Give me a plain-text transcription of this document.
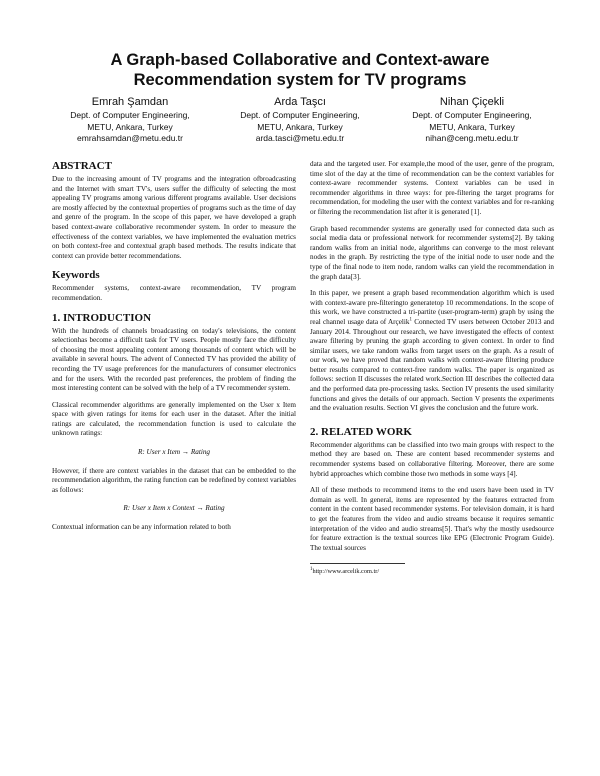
A Graph-based Collaborative and Context-aware
Recommendation system for TV programs
Emrah Şamdan
Dept. of Computer Engineering,
METU, Ankara, Turkey
emrahsamdan@metu.edu.tr
Arda Taşcı
Dept. of Computer Engineering,
METU, Ankara, Turkey
arda.tasci@metu.edu.tr
Nihan Çiçekli
Dept. of Computer Engineering,
METU, Ankara, Turkey
nihan@ceng.metu.edu.tr
ABSTRACT

Due to the increasing amount of TV programs and the integration ofbroadcasting and the Internet with smart TV's, users suffer the difficulty of selecting the most appealing TV programs among various different programs available. User decisions are mostly affected by the contextual properties of programs such as the time of day and genre of the program. In the scope of this paper, we have developed a graph based context-aware collaborative recommender system. In order to measure the effectiveness of the context variables, we have implemented the evaluation metrics on both context-free and contextual graph based methods. The results indicate that context can provide better recommendations.

Keywords

Recommender systems, context-aware recommendation, TV program recommendation.

1. INTRODUCTION

With the hundreds of channels broadcasting on today's televisions, the content selectionhas become a difficult task for TV users. People mostly face the difficulty of choosing the most appealing content among thousands of content which will be available in several hours. The advent of Connected TV has provided the ability of recording the TV usage preferences for the manufacturers of consumer electronics and for the users. With the recorded past preferences, the problem of finding the most interesting content can be solved with the help of a TV recommender system.

Classical recommender algorithms are generally implemented on the User x Item space with given ratings for items for each user in the dataset. After the initial ratings are calculated, the recommendation function is used to calculate the unknown ratings:

R: User x Item → Rating

However, if there are context variables in the dataset that can be embedded to the recommendation algorithm, the rating function can be redefined by context variables as follows:

R: User x Item x Context → Rating

Contextual information can be any information related to both

data and the targeted user. For example,the mood of the user, genre of the program, time slot of the day at the time of recommendation can be the context variables for context-aware recommender systems. Context variables can be used in recommender algorithms in three ways: for pre-filtering the target programs for recommendation, for modeling the user with the context variables and for re-ranking or filtering the recommendation list after it is generated [1].

Graph based recommender systems are generally used for connected data such as social media data or professional network for recommender systems[2]. By taking random walks from an initial node, algorithms can converge to the most relevant nodes in the graph. By restricting the type of the initial node to user node and the type of the final node to item node, random walks can yield the recommendation in the graph data[3].

In this paper, we present a graph based recommendation algorithm which is used with context-aware pre-filteringto generatetop 10 recommendations. In the scope of this work, we have constructed a tri-partite (user-program-term) graph by using the real channel usage data of Arçelik$^1$ Connected TV users between October 2013 and January 2014. Throughout our research, we have investigated the effects of context aware filtering by pruning the graph according to given context. In order to find similar users, we take random walks from target users on the graph. As a result of our work, we have proved that random walks with context-aware filtering produce better results compared to context-free random walks. The paper is organized as follows: section II discusses the related work.Section III describes the collected data and the performed data pre-processing tasks. Section IV presents the used similarity functions and gives the details of our approach. Section V presents the experiments and the evaluation results. Section VI gives the conclusion and the future work.

2. RELATED WORK

Recommender algorithms can be classified into two main groups with respect to the method they are based on. These are content based recommender systems and recommender systems based on collaborative filtering. Moreover, there are some hybrid approaches which combine those two methods in some ways [4].

All of these methods to recommend items to the end users have been used in TV domain as well. In general, items are represented by the features extracted from content in the content based recommender systems. For television domain, it is hard to get the features from the video and audio streams because it requires semantic interpretation of the video and audio streams[5]. That's why the mostly usedsource for feature extraction is the textual sources like EPG (Electronic Program Guide). The textual sources

$^1$http://www.arcelik.com.tr/
